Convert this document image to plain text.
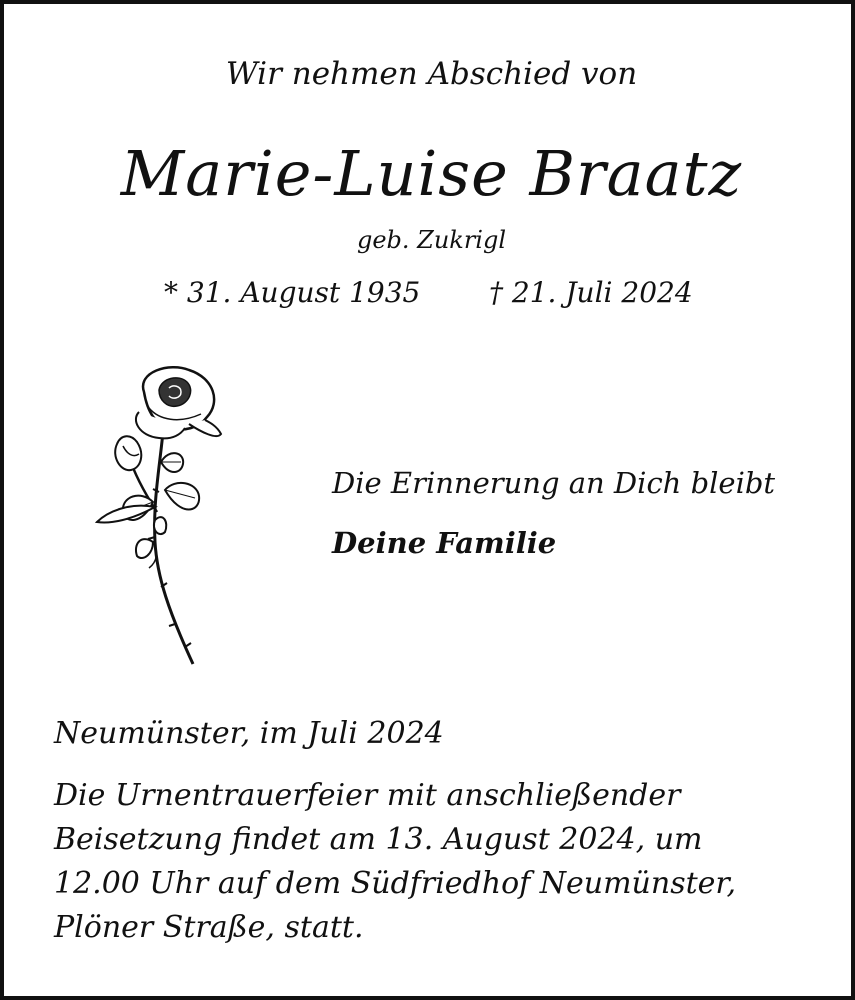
Wir nehmen Abschied von
Marie-Luise Braatz
geb. Zukrigl
* 31. August 1935 † 21. Juli 2024
Die Erinnerung an Dich bleibt
Deine Familie
Neumünster, im Juli 2024
Die Urnentrauerfeier mit anschließender
Beisetzung findet am 13. August 2024, um
12.00 Uhr auf dem Südfriedhof Neumünster,
Plöner Straße, statt.
